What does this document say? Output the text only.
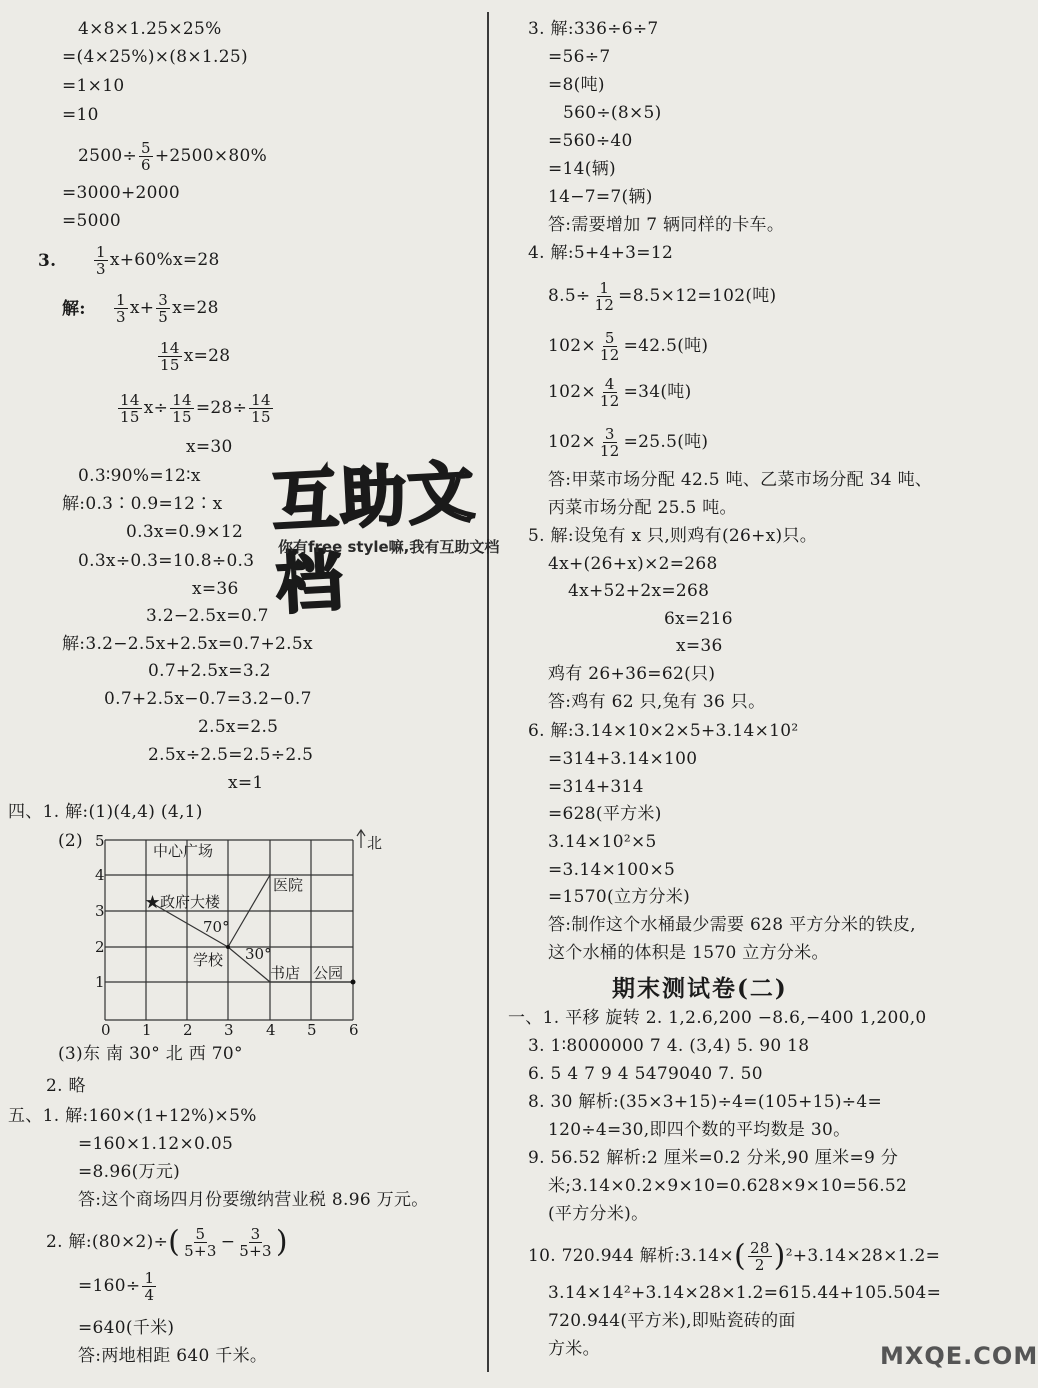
4×8×1.25×25%
=(4×25%)×(8×1.25)
=1×10
=10
$2500\div \frac{5}{6} +2500\times 80\%$
=3000+2000
=5000
3.	$\frac{1}{3} x+60\%x=28$
解: $\frac{1}{3} x+ \frac{3}{5} x=28$
$\frac{14}{15} x=28$
$\frac{14}{15} x\div \frac{14}{15} =28\div \frac{14}{15}$
x=30
0.3∶90%=12∶x
解:0.3∶0.9=12∶x
0.3x=0.9×12
0.3x÷0.3=10.8÷0.3
x=36
3.2−2.5x=0.7
解:3.2−2.5x+2.5x=0.7+2.5x
0.7+2.5x=3.2
0.7+2.5x−0.7=3.2−0.7
2.5x=2.5
2.5x÷2.5=2.5÷2.5
x=1
四、1. 解:(1)(4,4) (4,1)
(2) 5
4
3
2
1
0 1 2 3 4 5 6
北
中心广场
★政府大楼
医院
学校
书店 公园
70°
30°
(3)东 南 30° 北 西 70°
2. 略
五、1. 解:160×(1+12%)×5%
=160×1.12×0.05
=8.96(万元)
答:这个商场四月份要缴纳营业税 8.96 万元。
2. 解:(80×2)÷( $\frac{5}{5+3} - \frac{3}{5+3}$ )
$=160\div \frac{1}{4}$
=640(千米)
答:两地相距 640 千米。
互助文档
你有free style嘛,我有互助文档
3. 解:336÷6÷7
=56÷7
=8(吨)
560÷(8×5)
=560÷40
=14(辆)
14−7=7(辆)
答:需要增加 7 辆同样的卡车。
4. 解:5+4+3=12
$8.5\div \frac{1}{12} =8.5\times 12=102$(吨)
$102\times \frac{5}{12} =42.5$(吨)
$102\times \frac{4}{12} =34$(吨)
$102\times \frac{3}{12} =25.5$(吨)
答:甲菜市场分配 42.5 吨、乙菜市场分配 34 吨、
丙菜市场分配 25.5 吨。
5. 解:设兔有 x 只,则鸡有(26+x)只。
4x+(26+x)×2=268
4x+52+2x=268
6x=216
x=36
鸡有 26+36=62(只)
答:鸡有 62 只,兔有 36 只。
6. 解:3.14×10×2×5+3.14×10²
=314+3.14×100
=314+314
=628(平方米)
3.14×10²×5
=3.14×100×5
=1570(立方分米)
答:制作这个水桶最少需要 628 平方分米的铁皮,
这个水桶的体积是 1570 立方分米。
期末测试卷(二)
一、1. 平移 旋转 2. 1,2.6,200 −8.6,−400 1,200,0
3. 1∶8000000 7 4. (3,4) 5. 90 18
6. 5 4 7 9 4 5479040 7. 50
8. 30 解析:(35×3+15)÷4=(105+15)÷4=
120÷4=30,即四个数的平均数是 30。
9. 56.52 解析:2 厘米=0.2 分米,90 厘米=9 分
米;3.14×0.2×9×10=0.628×9×10=56.52
(平方分米)。
10. 720.944 解析:3.14×( $\frac{28}{2} )^2+3.14\times 28\times 1.2=$
3.14×14²+3.14×28×1.2=615.44+105.504=
720.944(平方米),即贴瓷砖的面
方米。	MXQE.COM
